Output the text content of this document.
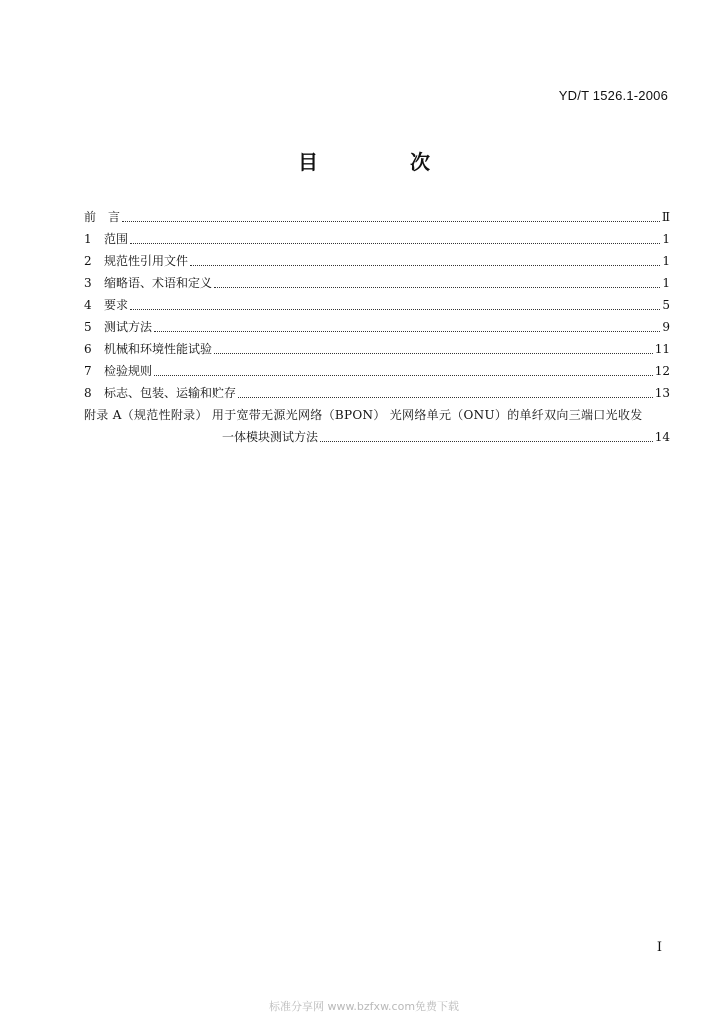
YD/T 1526.1-2006
目　次
前　言	Ⅱ
1	范围	1
2	规范性引用文件	1
3	缩略语、术语和定义	1
4	要求	5
5	测试方法	9
6	机械和环境性能试验	11
7	检验规则	12
8	标志、包装、运输和贮存	13
附录 A（规范性附录） 用于宽带无源光网络（BPON） 光网络单元（ONU）的单纤双向三端口光收发
一体模块测试方法	14
I
标准分享网 www.bzfxw.com免费下载
